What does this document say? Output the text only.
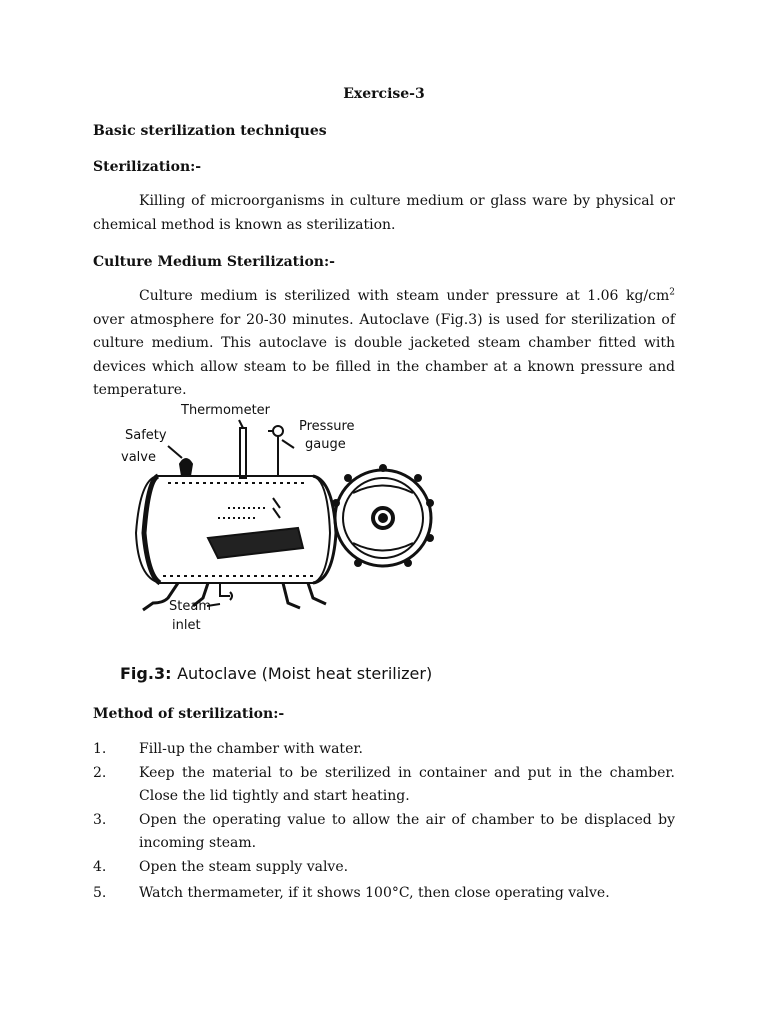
Exercise-3
Basic sterilization techniques
Sterilization:-

Killing of microorganisms in culture medium or glass ware by physical or chemical method is known as sterilization.

Culture Medium Sterilization:-

Culture medium is sterilized with steam under pressure at 1.06 $kg/cm^2$ over atmosphere for 20-30 minutes. Autoclave (Fig.3) is used for sterilization of culture medium. This autoclave is double jacketed steam chamber fitted with devices which allow steam to be filled in the chamber at a known pressure and temperature.

Thermometer
Safety
valve
Pressure
gauge
Steam
inlet
Fig.3: Autoclave (Moist heat sterilizer)
Method of sterilization:-
1. Fill-up the chamber with water.
2. Keep the material to be sterilized in container and put in the chamber. Close the lid tightly and start heating.
3. Open the operating value to allow the air of chamber to be displaced by incoming steam.
4. Open the steam supply valve.
5. Watch thermameter, if it shows 100°C, then close operating valve.
